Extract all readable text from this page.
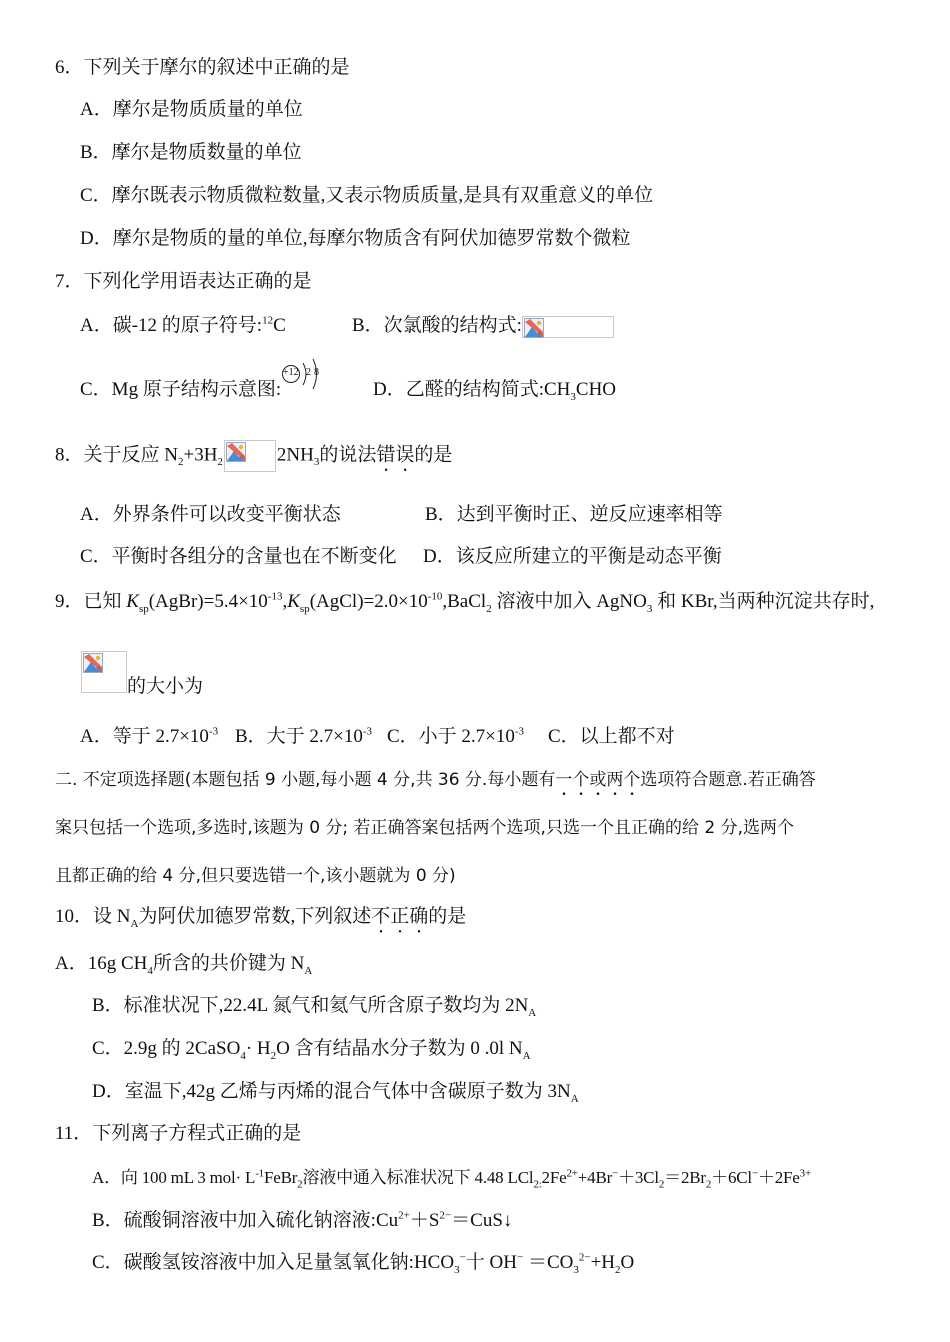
6．下列关于摩尔的叙述中正确的是
A．摩尔是物质质量的单位
B．摩尔是物质数量的单位
C．摩尔既表示物质微粒数量,又表示物质质量,是具有双重意义的单位
D．摩尔是物质的量的单位,每摩尔物质含有阿伏加德罗常数个微粒
7．下列化学用语表达正确的是
A．碳-12 的原子符号:$^{12}$C	B．次氯酸的结构式:
C．Mg 原子结构示意图:
+12 2 8
D．乙醛的结构简式$:CH_3CHO$
8．关于反应 $N_2+3H_2$	$2NH_3$的说法错误的是
A．外界条件可以改变平衡状态	B．达到平衡时正、逆反应速率相等
C．平衡时各组分的含量也在不断变化 D．该反应所建立的平衡是动态平衡
9．已知 $K_{sp}(AgBr)=5.4\times 10^{-13},K_{sp}(AgCl)=2.0\times 10^{-10},BaCl_2$ 溶液中加入 AgNO$_3$ 和 KBr,当两种沉淀共存时,
的大小为
A．等于 $2.7\times 10^{-3}$ B．大于 $2.7\times 10^{-3}$ C．小于 $2.7\times 10^{-3}$ C．以上都不对
二. 不定项选择题(本题包括 9 小题,每小题 4 分,共 36 分.每小题有一个或两个选项符合题意.若正确答
案只包括一个选项,多选时,该题为 0 分; 若正确答案包括两个选项,只选一个且正确的给 2 分,选两个
且都正确的给 4 分,但只要选错一个,该小题就为 0 分)
10．设 $N_A$为阿伏加德罗常数,下列叙述不正确的是
A．16g $CH_4$所含的共价键为 $N_A$
B．标准状况下,22.4L 氮气和氦气所含原子数均为 $2N_A$
C．2.9g 的 2CaSO$_4$· $H_2O$ 含有结晶水分子数为 0 .0l $N_A$
D．室温下,42g 乙烯与丙烯的混合气体中含碳原子数为 $3N_A$
11．下列离子方程式正确的是
A．向 100 mL 3 $mol\cdot L^{-1}FeBr_2$溶液中通入标准状况下 4.48 $LCl_{2:}2Fe^{2+}+4Br^-+3Cl_2=2Br_2+6Cl^-+2Fe^{3+}$
B．硫酸铜溶液中加入硫化钠溶液$:Cu^{2+}+S^{2-}=CuS↓$
C．碳酸氢铵溶液中加入足量氢氧化钠$:HCO_3^-$十 $OH^- =CO_3^{2-}+H_2O$
